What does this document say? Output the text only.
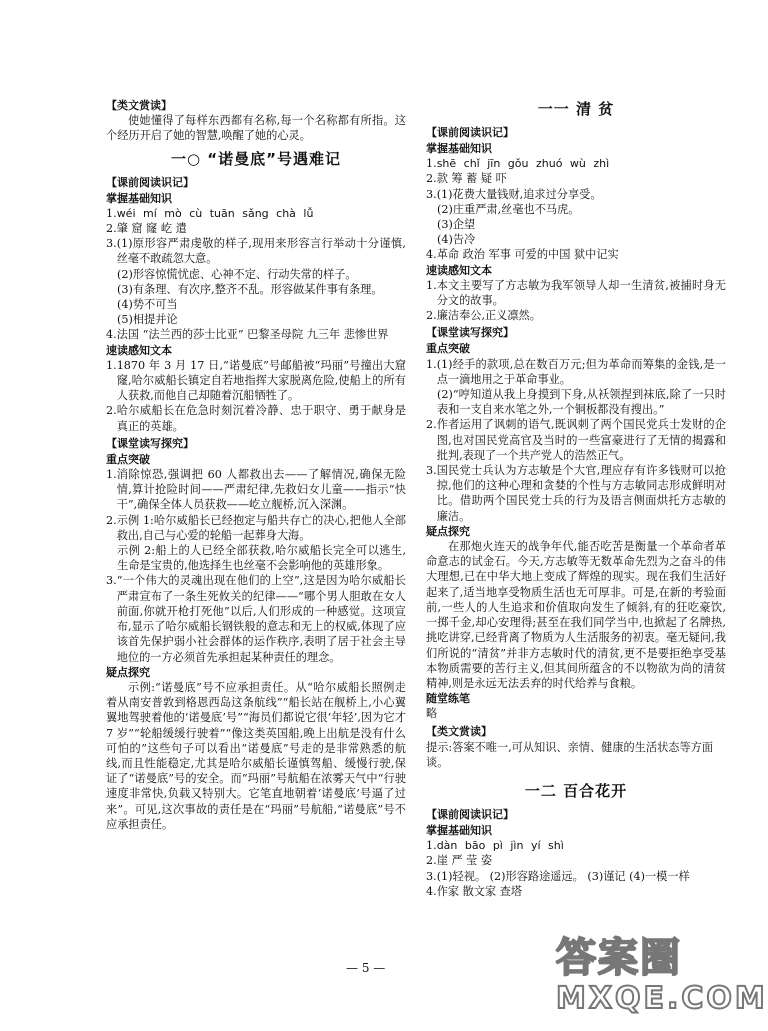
【类文赏读】

使她懂得了每样东西都有名称,每一个名称都有所指。这个经历开启了她的智慧,唤醒了她的心灵。

一○ “诺曼底”号遇难记

【课前阅读识记】

掌握基础知识

1. wéi mí mò cù tuān sǎng chà lǚ
2. 肇 窟 窿 屹 遣
3. (1)原形容严肃虔敬的样子,现用来形容言行举动十分谨慎,丝毫不敢疏忽大意。
(2)形容惊慌忧虑、心神不定、行动失常的样子。
(3)有条理、有次序,整齐不乱。形容做某件事有条理。
(4)势不可当
(5)相提并论
4. 法国 “法兰西的莎士比亚” 巴黎圣母院 九三年 悲惨世界

速读感知文本

1. 1870 年 3 月 17 日,“诺曼底”号邮船被“玛丽”号撞出大窟窿,哈尔威船长镇定自若地指挥大家脱离危险,使船上的所有人获救,而他自己却随着沉船牺牲了。
2. 哈尔威船长在危急时刻沉着冷静、忠于职守、勇于献身是真正的英雄。

【课堂读写探究】

重点突破

1. 消除惊恐,强调把 60 人都救出去——了解情况,确保无险情,算计抢险时间——严肃纪律,先救妇女儿童——指示“快干”,确保全体人员获救——屹立舰桥,沉入深渊。
2. 示例 1:哈尔威船长已经抱定与船共存亡的决心,把他人全部救出,自己与心爱的轮船一起葬身大海。
示例 2:船上的人已经全部获救,哈尔威船长完全可以逃生,生命是宝贵的,他选择生也丝毫不会影响他的英雄形象。
3. “一个伟大的灵魂出现在他们的上空”,这是因为哈尔威船长严肃宣布了一条生死攸关的纪律——“哪个男人胆敢在女人前面,你就开枪打死他”以后,人们形成的一种感觉。这项宣布,显示了哈尔威船长钢铁般的意志和无上的权威,体现了应该首先保护弱小社会群体的运作秩序,表明了居于社会主导地位的一方必须首先承担起某种责任的理念。

疑点探究

示例:“诺曼底”号不应承担责任。从“哈尔威船长照例走着从南安普敦到格恩西岛这条航线”“船长站在舰桥上,小心翼翼地驾驶着他的‘诺曼底’号”“海员们都说它很‘年轻’,因为它才 7 岁”“轮船缓缓行驶着”“像这类英国船,晚上出航是没有什么可怕的”这些句子可以看出“诺曼底”号走的是非常熟悉的航线,而且性能稳定,尤其是哈尔威船长谨慎驾船、缓慢行驶,保证了“诺曼底”号的安全。而“玛丽”号航船在浓雾天气中“行驶速度非常快,负载又特别大。它笔直地朝着‘诺曼底’号逼了过来”。可见,这次事故的责任是在“玛丽”号航船,“诺曼底”号不应承担责任。

一一 清 贫

【课前阅读识记】

掌握基础知识

1. shē chǐ jīn gǒu zhuó wù zhì
2. 款 筹 蓄 疑 吓
3. (1)花费大量钱财,追求过分享受。
(2)庄重严肃,丝毫也不马虎。
(3)企望
(4)告冷
4. 革命 政治 军事 可爱的中国 狱中记实

速读感知文本

1. 本文主要写了方志敏为我军领导人却一生清贫,被捕时身无分文的故事。
2. 廉洁奉公,正义凛然。

【课堂读写探究】

重点突破

1. (1)经手的款项,总在数百万元;但为革命而筹集的金钱,是一点一滴地用之于革命事业。
(2)“哼知道从我上身摸到下身,从袄领捏到袜底,除了一只时表和一支自来水笔之外,一个铜板都没有搜出。”
2. 作者运用了讽刺的语气,既讽刺了两个国民党兵士发财的企图,也对国民党高官及当时的一些富豪进行了无情的揭露和批判,表现了一个共产党人的浩然正气。
3. 国民党士兵认为方志敏是个大官,理应存有许多钱财可以抢掠,他们的这种心理和贪婪的个性与方志敏同志形成鲜明对比。借助两个国民党士兵的行为及语言侧面烘托方志敏的廉洁。

疑点探究

在那炮火连天的战争年代,能否吃苦是衡量一个革命者革命意志的试金石。今天,方志敏等无数革命先烈为之奋斗的伟大理想,已在中华大地上变成了辉煌的现实。现在我们生活好起来了,适当地享受物质生活也无可厚非。可是,在新的考验面前,一些人的人生追求和价值取向发生了倾斜,有的狂吃豪饮,一掷千金,却心安理得;甚至在我们同学当中,也掀起了名牌热,挑吃讲穿,已经背离了物质为人生活服务的初衷。毫无疑问,我们所说的“清贫”并非方志敏时代的清贫,更不是要拒绝享受基本物质需要的苦行主义,但其间所蕴含的不以物欲为尚的清贫精神,则是永远无法丢弃的时代给养与食粮。

随堂练笔

略

【类文赏读】

提示:答案不唯一,可从知识、亲情、健康的生活状态等方面谈。

一二 百合花开

【课前阅读识记】

掌握基础知识

1. dàn bāo pì jìn yí shì
2. 崖 严 莹 姿
3. (1)轻视。 (2)形容路途遥远。 (3)谨记 (4)一模一样
4. 作家 散文家 查塔
— 5 —	答案圈
MXQE.COM
